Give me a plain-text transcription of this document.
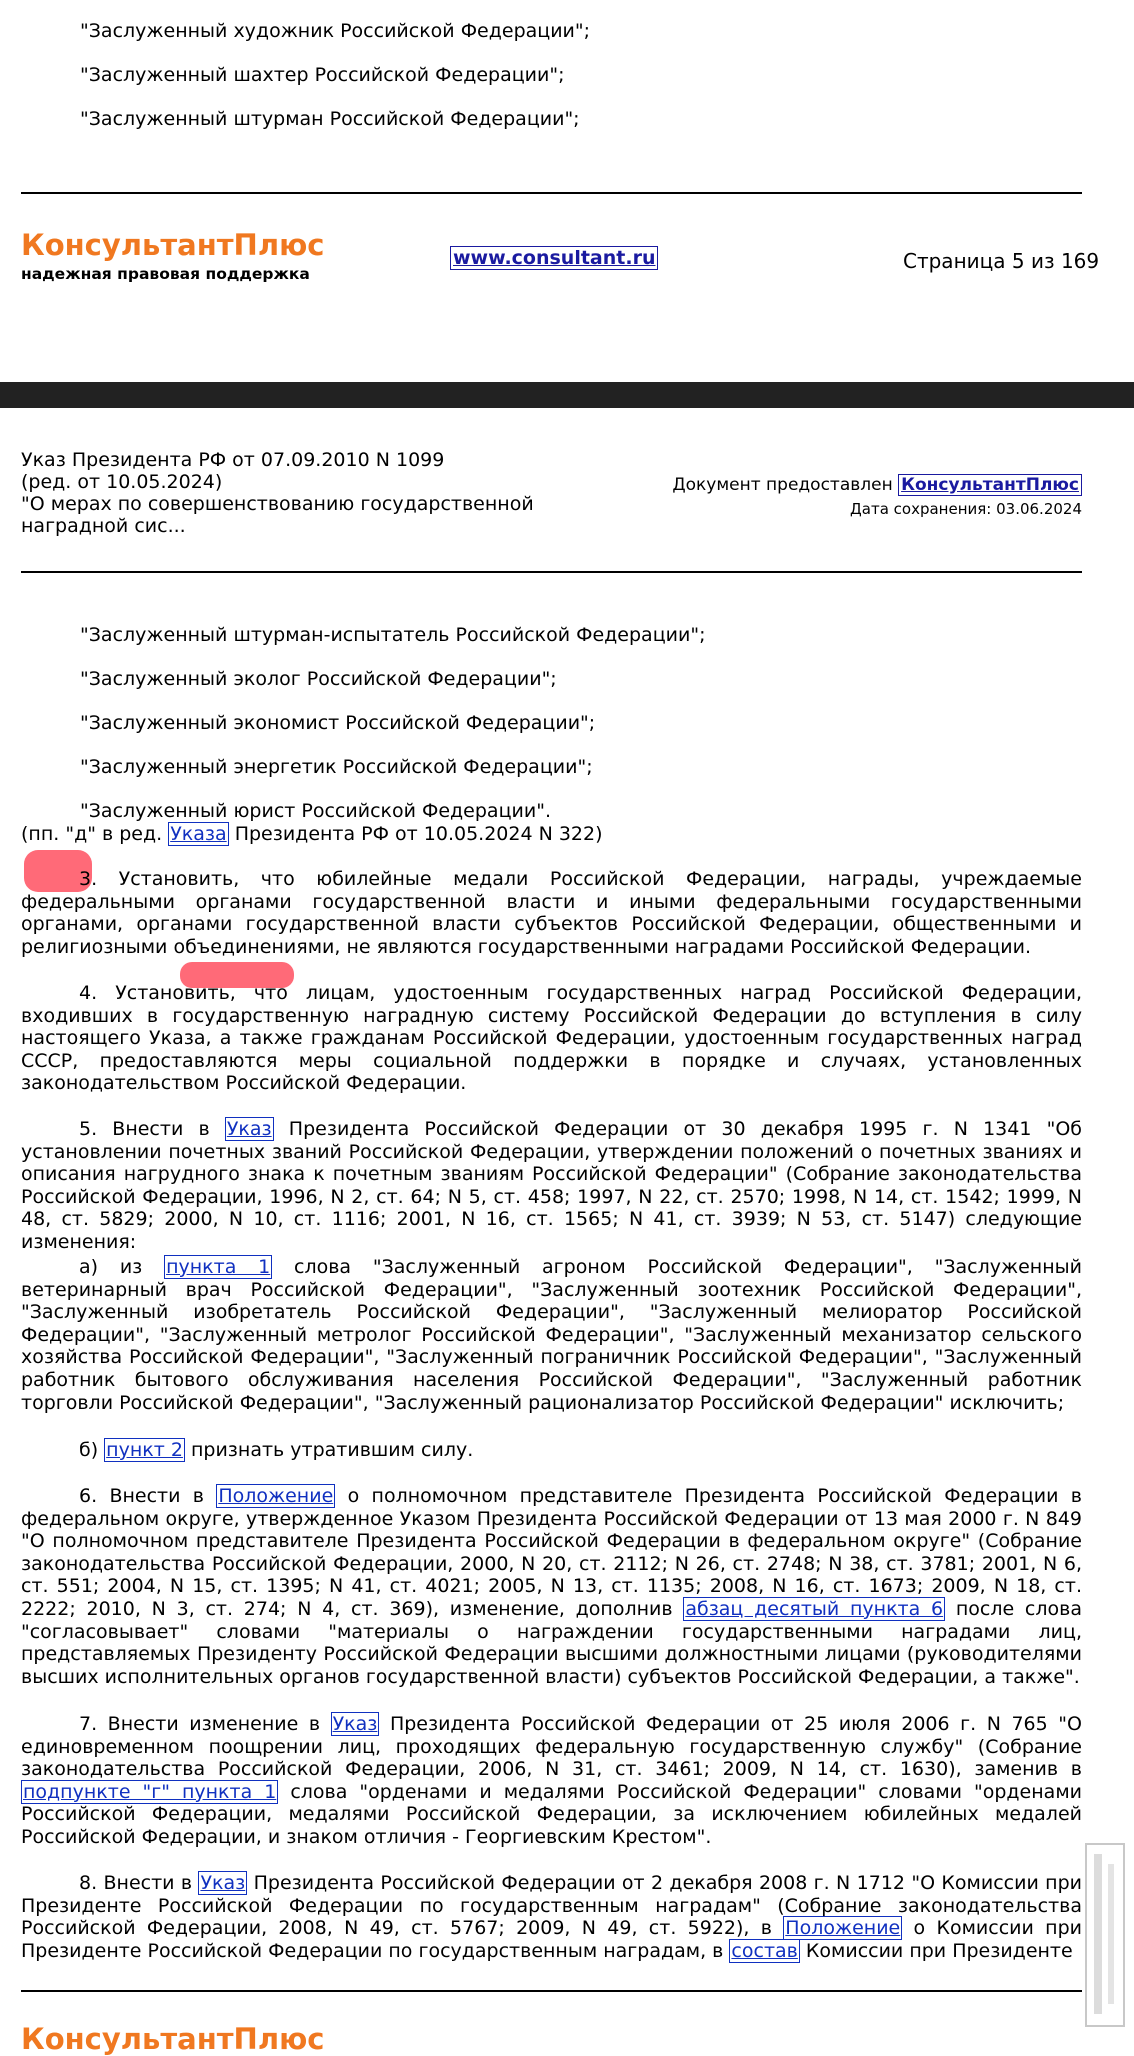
"Заслуженный художник Российской Федерации";
"Заслуженный шахтер Российской Федерации";
"Заслуженный штурман Российской Федерации";
КонсультантПлюс
надежная правовая поддержка
www.consultant.ru	Страница 5 из 169
Указ Президента РФ от 07.09.2010 N 1099
(ред. от 10.05.2024)
"О мерах по совершенствованию государственной
наградной сис...
Документ предоставлен КонсультантПлюс
Дата сохранения: 03.06.2024
"Заслуженный штурман-испытатель Российской Федерации";
"Заслуженный эколог Российской Федерации";
"Заслуженный экономист Российской Федерации";
"Заслуженный энергетик Российской Федерации";
"Заслуженный юрист Российской Федерации".
(пп. "д" в ред. Указа Президента РФ от 10.05.2024 N 322)
3. Установить, что юбилейные медали Российской Федерации, награды, учреждаемые федеральными органами государственной власти и иными федеральными государственными органами, органами государственной власти субъектов Российской Федерации, общественными и религиозными объединениями, не являются государственными наградами Российской Федерации.
4. Установить, что лицам, удостоенным государственных наград Российской Федерации, входивших в государственную наградную систему Российской Федерации до вступления в силу настоящего Указа, а также гражданам Российской Федерации, удостоенным государственных наград СССР, предоставляются меры социальной поддержки в порядке и случаях, установленных законодательством Российской Федерации.
5. Внести в Указ Президента Российской Федерации от 30 декабря 1995 г. N 1341 "Об установлении почетных званий Российской Федерации, утверждении положений о почетных званиях и описания нагрудного знака к почетным званиям Российской Федерации" (Собрание законодательства Российской Федерации, 1996, N 2, ст. 64; N 5, ст. 458; 1997, N 22, ст. 2570; 1998, N 14, ст. 1542; 1999, N 48, ст. 5829; 2000, N 10, ст. 1116; 2001, N 16, ст. 1565; N 41, ст. 3939; N 53, ст. 5147) следующие изменения:
а) из пункта 1 слова "Заслуженный агроном Российской Федерации", "Заслуженный ветеринарный врач Российской Федерации", "Заслуженный зоотехник Российской Федерации", "Заслуженный изобретатель Российской Федерации", "Заслуженный мелиоратор Российской Федерации", "Заслуженный метролог Российской Федерации", "Заслуженный механизатор сельского хозяйства Российской Федерации", "Заслуженный пограничник Российской Федерации", "Заслуженный работник бытового обслуживания населения Российской Федерации", "Заслуженный работник торговли Российской Федерации", "Заслуженный рационализатор Российской Федерации" исключить;
б) пункт 2 признать утратившим силу.
6. Внести в Положение о полномочном представителе Президента Российской Федерации в федеральном округе, утвержденное Указом Президента Российской Федерации от 13 мая 2000 г. N 849 "О полномочном представителе Президента Российской Федерации в федеральном округе" (Собрание законодательства Российской Федерации, 2000, N 20, ст. 2112; N 26, ст. 2748; N 38, ст. 3781; 2001, N 6, ст. 551; 2004, N 15, ст. 1395; N 41, ст. 4021; 2005, N 13, ст. 1135; 2008, N 16, ст. 1673; 2009, N 18, ст. 2222; 2010, N 3, ст. 274; N 4, ст. 369), изменение, дополнив абзац десятый пункта 6 после слова "согласовывает" словами "материалы о награждении государственными наградами лиц, представляемых Президенту Российской Федерации высшими должностными лицами (руководителями высших исполнительных органов государственной власти) субъектов Российской Федерации, а также".
7. Внести изменение в Указ Президента Российской Федерации от 25 июля 2006 г. N 765 "О единовременном поощрении лиц, проходящих федеральную государственную службу" (Собрание законодательства Российской Федерации, 2006, N 31, ст. 3461; 2009, N 14, ст. 1630), заменив в подпункте "г" пункта 1 слова "орденами и медалями Российской Федерации" словами "орденами Российской Федерации, медалями Российской Федерации, за исключением юбилейных медалей Российской Федерации, и знаком отличия - Георгиевским Крестом".
8. Внести в Указ Президента Российской Федерации от 2 декабря 2008 г. N 1712 "О Комиссии при Президенте Российской Федерации по государственным наградам" (Собрание законодательства Российской Федерации, 2008, N 49, ст. 5767; 2009, N 49, ст. 5922), в Положение о Комиссии при Президенте Российской Федерации по государственным наградам, в состав Комиссии при Президенте
КонсультантПлюс
